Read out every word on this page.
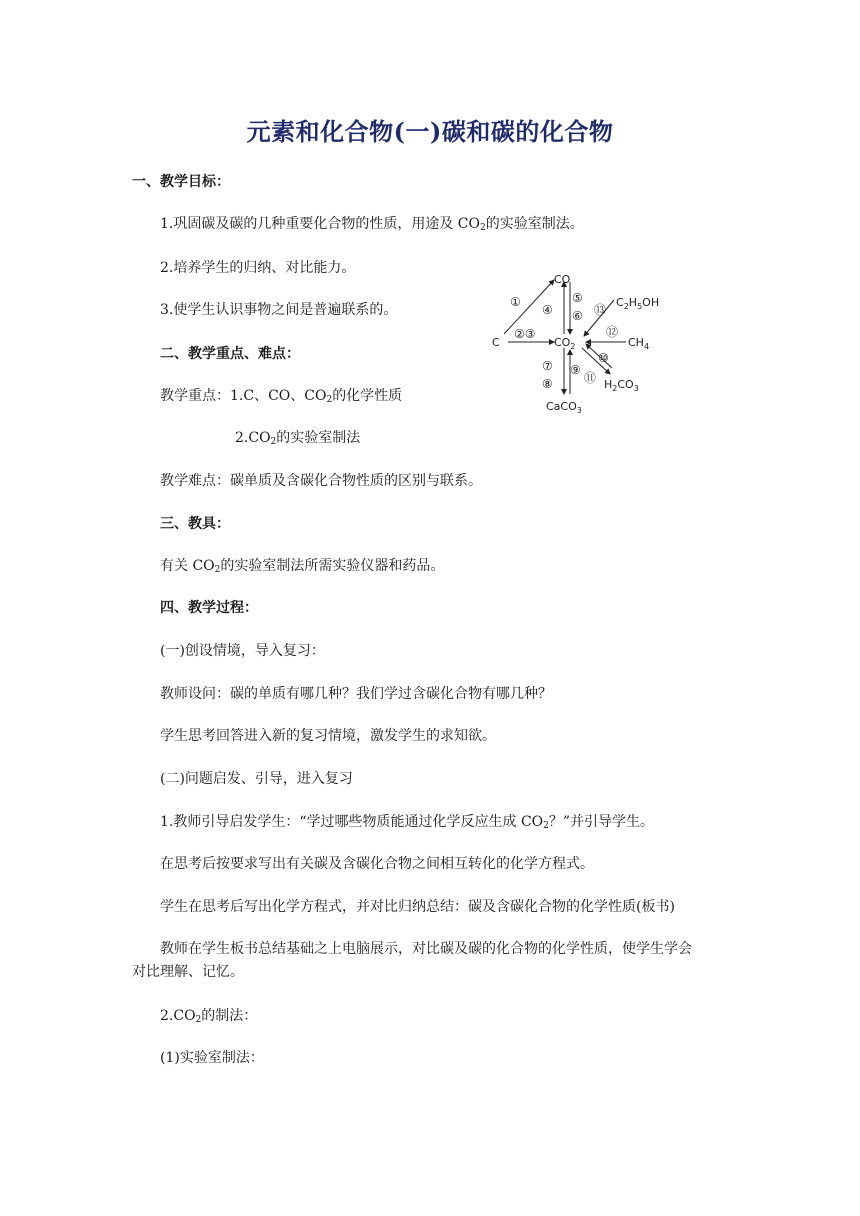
元素和化合物(一)碳和碳的化合物
一、教学目标：
1.巩固碳及碳的几种重要化合物的性质，用途及 $CO_2$的实验室制法。
2.培养学生的归纳、对比能力。
3.使学生认识事物之间是普遍联系的。
二、教学重点、难点：
教学重点：1.C、CO、$CO_2$的化学性质
$2.CO_2$的实验室制法
教学难点：碳单质及含碳化合物性质的区别与联系。
三、教具：
有关 $CO_2$的实验室制法所需实验仪器和药品。
四、教学过程：
(一)创设情境，导入复习：
教师设问：碳的单质有哪几种？我们学过含碳化合物有哪几种？
学生思考回答进入新的复习情境，激发学生的求知欲。
(二)问题启发、引导，进入复习
1.教师引导启发学生：“学过哪些物质能通过化学反应生成 $CO_2$？”并引导学生。
在思考后按要求写出有关碳及含碳化合物之间相互转化的化学方程式。
学生在思考后写出化学方程式，并对比归纳总结：碳及含碳化合物的化学性质(板书)
教师在学生板书总结基础之上电脑展示，对比碳及碳的化合物的化学性质，使学生学会
对比理解、记忆。
$2.CO_2$的制法：
(1)实验室制法：
CO
C	$CO_2$
$C_2H_5OH$
$CH_4$
$H_2CO_3$
CaCO$_3$
①
②③
④
⑤
⑥
⑦
⑧
⑨
⑩
⑪
⑫
⑬
